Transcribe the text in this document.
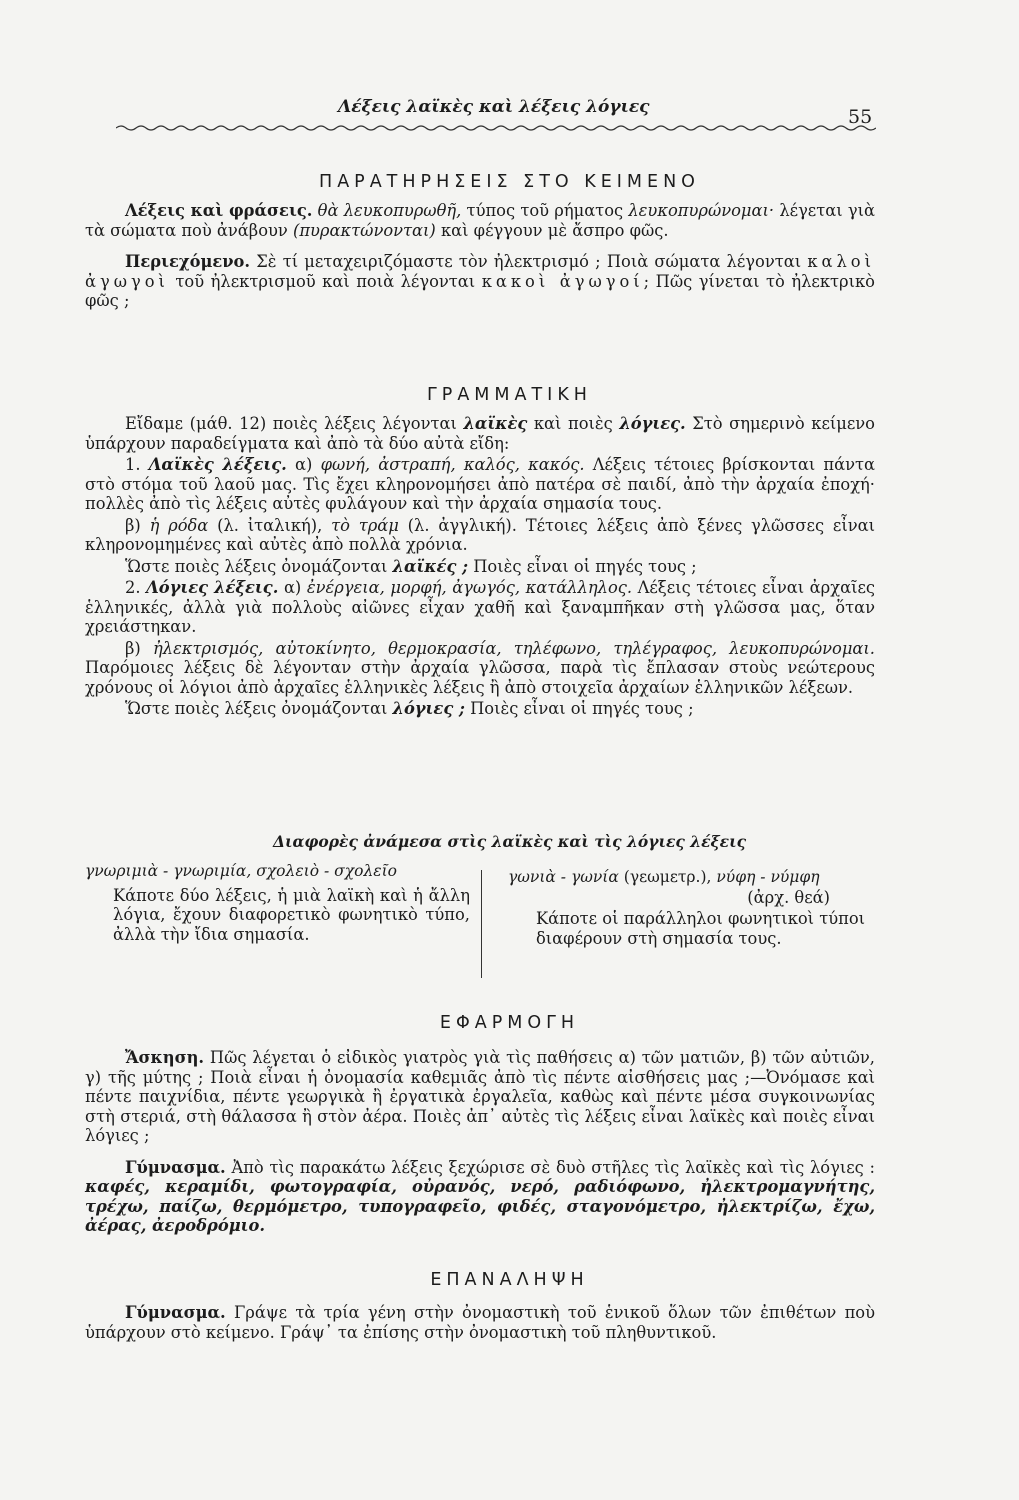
Λέξεις λαϊκὲς καὶ λέξεις λόγιες	55
ΠΑΡΑΤΗΡΗΣΕΙΣ ΣΤΟ ΚΕΙΜΕΝΟ

Λέξεις καὶ φράσεις. θὰ λευκοπυρωθῆ, τύπος τοῦ ρήματος λευκοπυρώνομαι· λέγεται γιὰ τὰ σώματα ποὺ ἀνάβουν (πυρακτώνονται) καὶ φέγγουν μὲ ἄσπρο φῶς.

Περιεχόμενο. Σὲ τί μεταχειριζόμαστε τὸν ἠλεκτρισμό ; Ποιὰ σώματα λέγονται καλοὶ ἀγωγοὶ τοῦ ἠλεκτρισμοῦ καὶ ποιὰ λέγονται κακοὶ ἀγωγοί; Πῶς γίνεται τὸ ἠλεκτρικὸ φῶς ;

ΓΡΑΜΜΑΤΙΚΗ

Εἴδαμε (μάθ. 12) ποιὲς λέξεις λέγονται λαϊκὲς καὶ ποιὲς λόγιες. Στὸ σημερινὸ κείμενο ὑπάρχουν παραδείγματα καὶ ἀπὸ τὰ δύο αὐτὰ εἴδη:

1. Λαϊκὲς λέξεις. α) φωνή, ἀστραπή, καλός, κακός. Λέξεις τέτοιες βρίσκονται πάντα στὸ στόμα τοῦ λαοῦ μας. Τὶς ἔχει κληρονομήσει ἀπὸ πατέρα σὲ παιδί, ἀπὸ τὴν ἀρχαία ἐποχή· πολλὲς ἀπὸ τὶς λέξεις αὐτὲς φυλάγουν καὶ τὴν ἀρχαία σημασία τους.

β) ἡ ρόδα (λ. ἰταλική), τὸ τράμ (λ. ἀγγλική). Τέτοιες λέξεις ἀπὸ ξένες γλῶσσες εἶναι κληρονομημένες καὶ αὐτὲς ἀπὸ πολλὰ χρόνια.

Ὥστε ποιὲς λέξεις ὀνομάζονται λαϊκές ; Ποιὲς εἶναι οἱ πηγές τους ;

2. Λόγιες λέξεις. α) ἐνέργεια, μορφή, ἀγωγός, κατάλληλος. Λέξεις τέτοιες εἶναι ἀρχαῖες ἑλληνικές, ἀλλὰ γιὰ πολλοὺς αἰῶνες εἶχαν χαθῆ καὶ ξαναμπῆκαν στὴ γλῶσσα μας, ὅταν χρειάστηκαν.

β) ἠλεκτρισμός, αὐτοκίνητο, θερμοκρασία, τηλέφωνο, τηλέγραφος, λευκοπυρώνομαι. Παρόμοιες λέξεις δὲ λέγονταν στὴν ἀρχαία γλῶσσα, παρὰ τὶς ἔπλασαν στοὺς νεώτερους χρόνους οἱ λόγιοι ἀπὸ ἀρχαῖες ἑλληνικὲς λέξεις ἢ ἀπὸ στοιχεῖα ἀρχαίων ἑλληνικῶν λέξεων.

Ὥστε ποιὲς λέξεις ὀνομάζονται λόγιες ; Ποιὲς εἶναι οἱ πηγές τους ;

Διαφορὲς ἀνάμεσα στὶς λαϊκὲς καὶ τὶς λόγιες λέξεις
γνωριμιὰ - γνωριμία, σχολειὸ - σχολεῖο
Κάποτε δύο λέξεις, ἡ μιὰ λαϊκὴ καὶ ἡ ἄλλη λόγια, ἔχουν διαφορετικὸ φωνητικὸ τύπο, ἀλλὰ τὴν ἴδια σημασία.
γωνιὰ - γωνία (γεωμετρ.), νύφη - νύμφη
(ἀρχ. θεά)
Κάποτε οἱ παράλληλοι φωνητικοὶ τύποι διαφέρουν στὴ σημασία τους.
ΕΦΑΡΜΟΓΗ

Ἄσκηση. Πῶς λέγεται ὁ εἰδικὸς γιατρὸς γιὰ τὶς παθήσεις α) τῶν ματιῶν, β) τῶν αὐτιῶν, γ) τῆς μύτης ; Ποιὰ εἶναι ἡ ὀνομασία καθεμιᾶς ἀπὸ τὶς πέντε αἰσθήσεις μας ;—Ὀνόμασε καὶ πέντε παιχνίδια, πέντε γεωργικὰ ἢ ἐργατικὰ ἐργαλεῖα, καθὼς καὶ πέντε μέσα συγκοινωνίας στὴ στεριά, στὴ θάλασσα ἢ στὸν ἀέρα. Ποιὲς ἀπ᾽ αὐτὲς τὶς λέξεις εἶναι λαϊκὲς καὶ ποιὲς εἶναι λόγιες ;

Γύμνασμα. Ἀπὸ τὶς παρακάτω λέξεις ξεχώρισε σὲ δυὸ στῆλες τὶς λαϊκὲς καὶ τὶς λόγιες : καφές, κεραμίδι, φωτογραφία, οὐρανός, νερό, ραδιόφωνο, ἠλεκτρομαγνήτης, τρέχω, παίζω, θερμόμετρο, τυπογραφεῖο, φιδές, σταγονόμετρο, ἠλεκτρίζω, ἔχω, ἀέρας, ἀεροδρόμιο.

ΕΠΑΝΑΛΗΨΗ

Γύμνασμα. Γράψε τὰ τρία γένη στὴν ὀνομαστικὴ τοῦ ἑνικοῦ ὅλων τῶν ἐπιθέτων ποὺ ὑπάρχουν στὸ κείμενο. Γράψ᾽ τα ἐπίσης στὴν ὀνομαστικὴ τοῦ πληθυντικοῦ.
